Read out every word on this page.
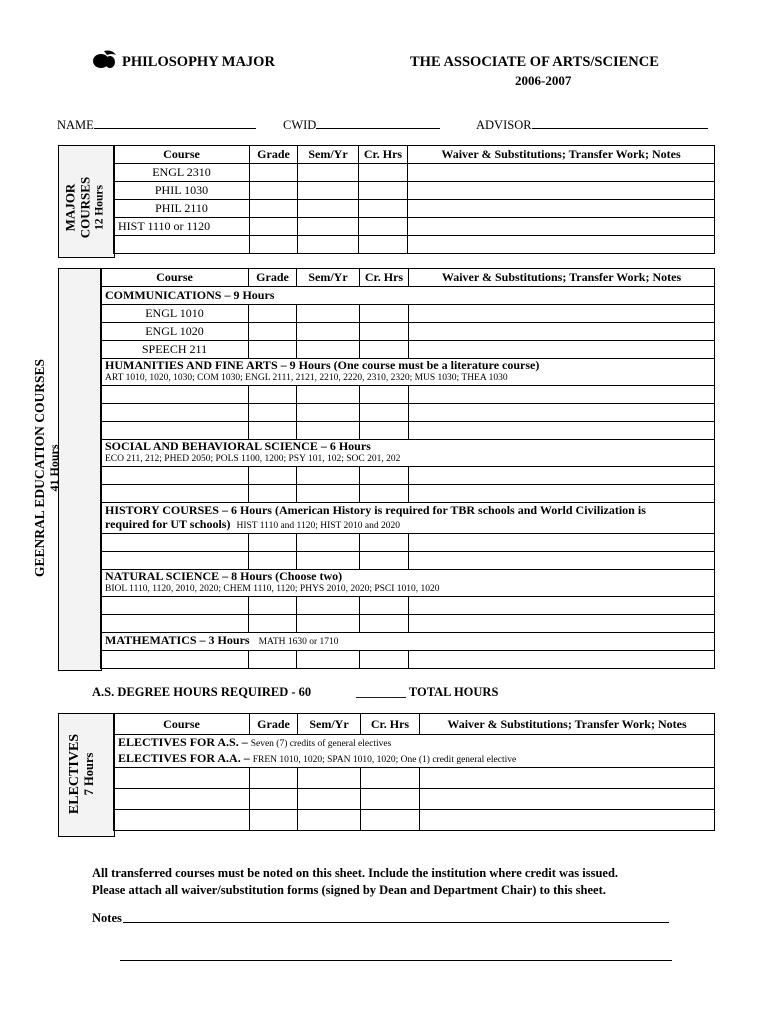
PHILOSOPHY MAJOR	THE ASSOCIATE OF ARTS/SCIENCE
2006-2007
NAME	CWID	ADVISOR
MAJOR COURSES 12 Hours
Course	Grade	Sem/Yr	Cr. Hrs	Waiver & Substitutions; Transfer Work; Notes
ENGL 2310				
PHIL 1030				
PHIL 2110				
HIST 1110 or 1120				

GEENRAL EDUCATION COURSES 41 Hours
Course	Grade	Sem/Yr	Cr. Hrs	Waiver & Substitutions; Transfer Work; Notes
COMMUNICATIONS – 9 Hours				
ENGL 1010				
ENGL 1020				
SPEECH 211				

HUMANITIES AND FINE ARTS – 9 Hours (One course must be a literature course)
ART 1010, 1020, 1030; COM 1030; ENGL 2111, 2121, 2210, 2220, 2310, 2320; MUS 1030; THEA 1030				

SOCIAL AND BEHAVIORAL SCIENCE – 6 Hours
ECO 211, 212; PHED 2050; POLS 1100, 1200; PSY 101, 102; SOC 201, 202				

HISTORY COURSES – 6 Hours (American History is required for TBR schools and World Civilization is
required for UT schools) HIST 1110 and 1120; HIST 2010 and 2020				

NATURAL SCIENCE – 8 Hours (Choose two)
BIOL 1110, 1120, 2010, 2020; CHEM 1110, 1120; PHYS 2010, 2020; PSCI 1010, 1020				

MATHEMATICS – 3 Hours MATH 1630 or 1710				

A.S. DEGREE HOURS REQUIRED - 60	________ TOTAL HOURS
ELECTIVES 7 Hours
Course	Grade	Sem/Yr	Cr. Hrs	Waiver & Substitutions; Transfer Work; Notes

ELECTIVES FOR A.S. – Seven (7) credits of general electives
ELECTIVES FOR A.A. – FREN 1010, 1020; SPAN 1010, 1020; One (1) credit general elective				

All transferred courses must be noted on this sheet. Include the institution where credit was issued.
Please attach all waiver/substitution forms (signed by Dean and Department Chair) to this sheet.
Notes
